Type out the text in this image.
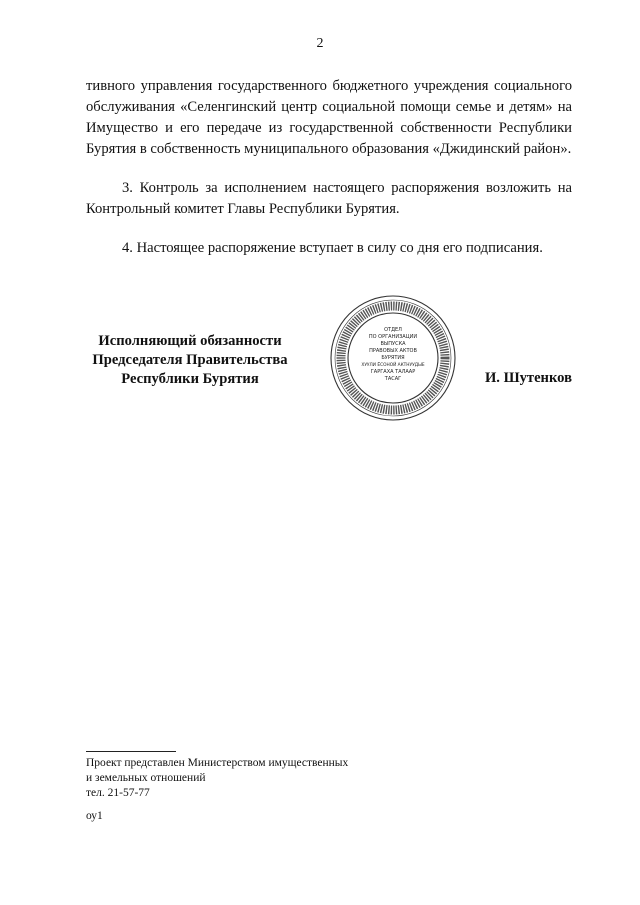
2

тивного управления государственного бюджетного учреждения социального обслуживания «Селенгинский центр социальной помощи семье и детям» на Имущество и его передаче из государственной собственности Республики Бурятия в собственность муниципального образования «Джидинский район».

3. Контроль за исполнением настоящего распоряжения возложить на Контрольный комитет Главы Республики Бурятия.

4. Настоящее распоряжение вступает в силу со дня его подписания.

Исполняющий обязанности
Председателя Правительства
Республики Бурятия
ОТДЕЛ
ПО ОРГАНИЗАЦИИ
ВЫПУСКА
ПРАВОВЫХ АКТОВ
БУРЯТИЯ
ХУУЛИ ЁСОНОЙ АКТНУУДЫЕ
ГАРГАХА ТАЛААР
ТАСАГ	И. Шутенков
Проект представлен Министерством имущественных
и земельных отношений
тел. 21-57-77
оу1
